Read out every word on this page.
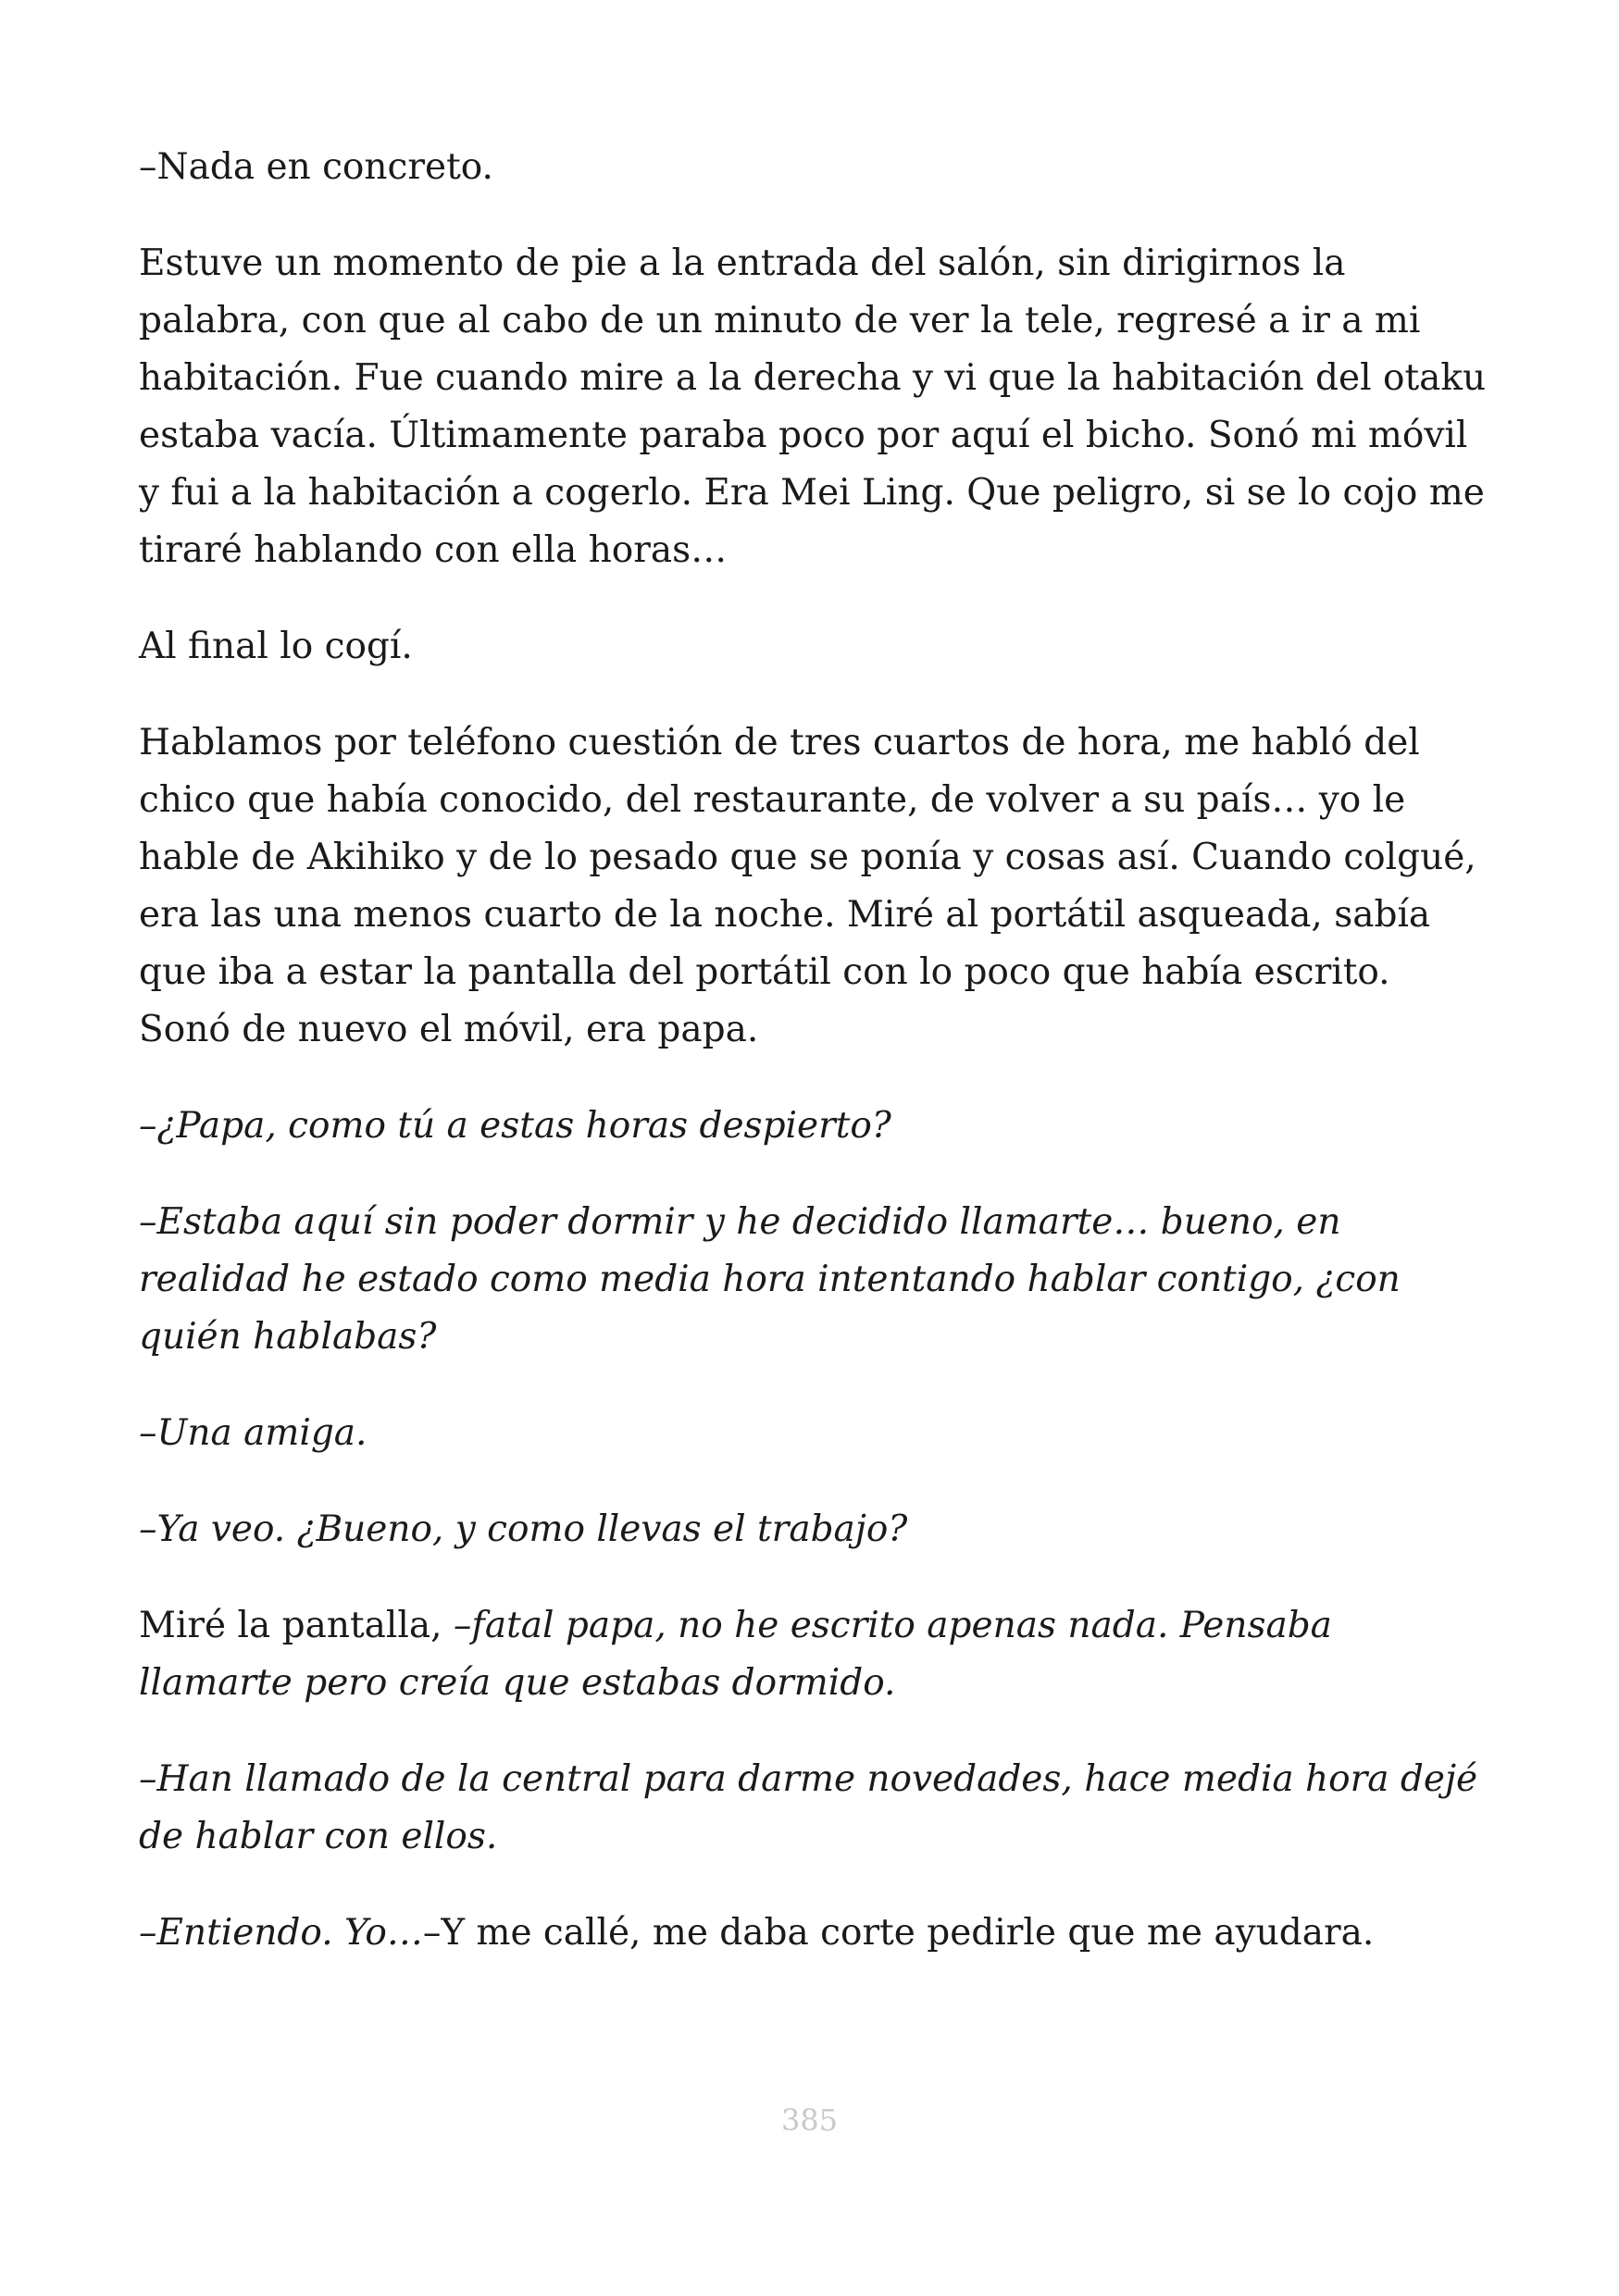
–Nada en concreto.

Estuve un momento de pie a la entrada del salón, sin dirigirnos la palabra, con que al cabo de un minuto de ver la tele, regresé a ir a mi habitación. Fue cuando mire a la derecha y vi que la habitación del otaku estaba vacía. Últimamente paraba poco por aquí el bicho. Sonó mi móvil y fui a la habitación a cogerlo. Era Mei Ling. Que peligro, si se lo cojo me tiraré hablando con ella horas…

Al final lo cogí.

Hablamos por teléfono cuestión de tres cuartos de hora, me habló del chico que había conocido, del restaurante, de volver a su país… yo le hable de Akihiko y de lo pesado que se ponía y cosas así. Cuando colgué, era las una menos cuarto de la noche. Miré al portátil asqueada, sabía que iba a estar la pantalla del portátil con lo poco que había escrito. Sonó de nuevo el móvil, era papa.

–¿Papa, como tú a estas horas despierto?

–Estaba aquí sin poder dormir y he decidido llamarte… bueno, en realidad he estado como media hora intentando hablar contigo, ¿con quién hablabas?

–Una amiga.

–Ya veo. ¿Bueno, y como llevas el trabajo?

Miré la pantalla, –fatal papa, no he escrito apenas nada. Pensaba llamarte pero creía que estabas dormido.

–Han llamado de la central para darme novedades, hace media hora dejé de hablar con ellos.

–Entiendo. Yo…–Y me callé, me daba corte pedirle que me ayudara.

385
